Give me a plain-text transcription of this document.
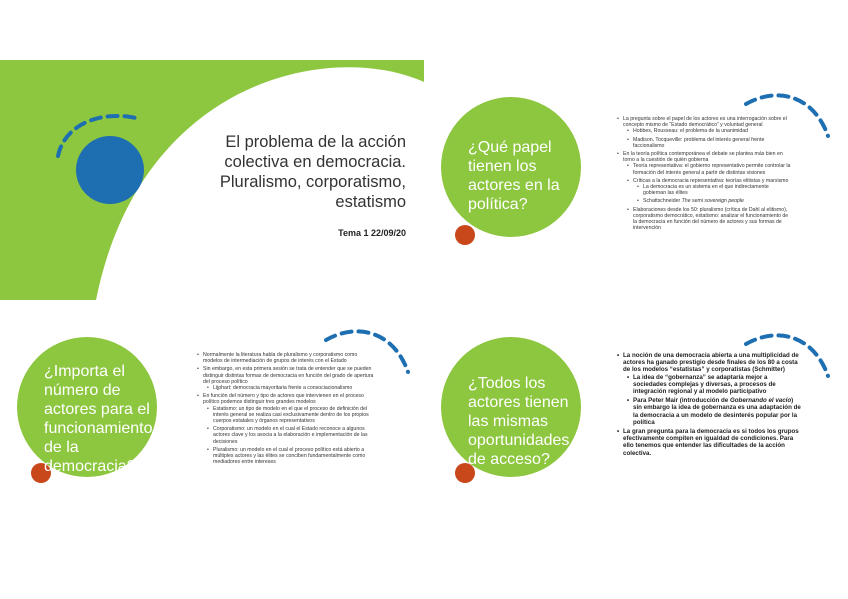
El problema de la acción
colectiva en democracia.
Pluralismo, corporatismo,
estatismo
Tema 1 22/09/20
¿Qué papel
tienen los
actores en la
política?
• La pregunta sobre el papel de los actores es una interrogación sobre el concepto mismo de “Estado democrático” y voluntad general
• Hobbes, Rousseau: el problema de la unanimidad
• Madison, Tocqueville: problema del interés general frente faccionalismo
• En la teoría política contemporánea el debate se plantea más bien en torno a la cuestión de quién gobierna
• Teoría representativa: el gobierno representativo permite controlar la formación del interés general a partir de distintas visiones
• Críticas a la democracia representativa: teorías elitistas y marxismo
• La democracia es un sistema en el que indirectamente gobiernan las élites
• Schattschneider The semi sovereign people
• Elaboraciones desde los 50: pluralismo (crítica de Dahl al elitismo), corporatismo democrático, estatismo: analizar el funcionamiento de la democracia en función del número de actores y sus formas de intervención
¿Importa el
número de
actores para el
funcionamiento
de la
democracia?
• Normalmente la literatura habla de pluralismo y corporatismo como modelos de intermediación de grupos de interés con el Estado
• Sin embargo, en esta primera sesión se trata de entender que se pueden distinguir distintas formas de democracia en función del grado de apertura del proceso político
• Lijphart: democracia mayoritaria frente a consociacionalismo
• En función del número y tipo de actores que intervienen en el proceso político podemos distinguir tres grandes modelos
• Estatismo: un tipo de modelo en el que el proceso de definición del interés general se realiza casi exclusivamente dentro de los propios cuerpos estatales y órganos representativos
• Corporatismo: un modelo en el cual el Estado reconoce a algunos actores clave y los asocia a la elaboración e implementación de las decisiones
• Pluralismo: un modelo en el cual el proceso político está abierto a múltiples actores y las élites se conciben fundamentalmente como mediadores entre intereses
¿Todos los
actores tienen
las mismas
oportunidades
de acceso?
• La noción de una democracia abierta a una multiplicidad de actores ha ganado prestigio desde finales de los 80 a costa de los modelos “estatistas” y corporatistas (Schmitter)
• La idea de “gobernanza” se adaptaría mejor a sociedades complejas y diversas, a procesos de integración regional y al modelo participativo
• Para Peter Mair (introducción de Gobernando el vacío) sin embargo la idea de gobernanza es una adaptación de la democracia a un modelo de desinterés popular por la política
• La gran pregunta para la democracia es si todos los grupos efectivamente compiten en igualdad de condiciones. Para ello tenemos que entender las dificultades de la acción colectiva.
